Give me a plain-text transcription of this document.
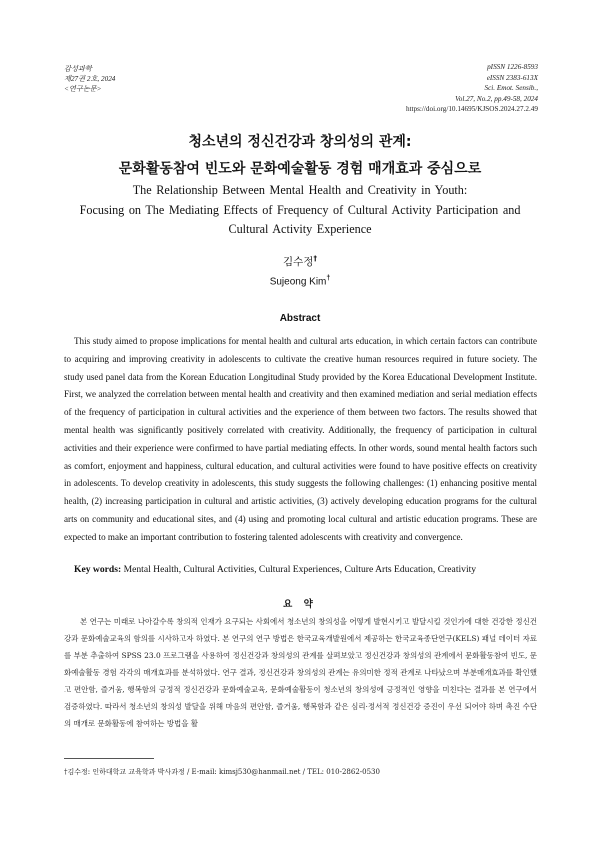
감성과학
제27권 2호, 2024
<연구논문>
pISSN 1226-8593
eISSN 2383-613X
Sci. Emot. Sensib.,
Vol.27, No.2, pp.49-58, 2024
https://doi.org/10.14695/KJSOS.2024.27.2.49
청소년의 정신건강과 창의성의 관계:
문화활동참여 빈도와 문화예술활동 경험 매개효과 중심으로
The Relationship Between Mental Health and Creativity in Youth:
Focusing on The Mediating Effects of Frequency of Cultural Activity Participation and
Cultural Activity Experience
김수정†
Sujeong Kim†
Abstract
This study aimed to propose implications for mental health and cultural arts education, in which certain factors can contribute to acquiring and improving creativity in adolescents to cultivate the creative human resources required in future society. The study used panel data from the Korean Education Longitudinal Study provided by the Korea Educational Development Institute. First, we analyzed the correlation between mental health and creativity and then examined mediation and serial mediation effects of the frequency of participation in cultural activities and the experience of them between two factors. The results showed that mental health was significantly positively correlated with creativity. Additionally, the frequency of participation in cultural activities and their experience were confirmed to have partial mediating effects. In other words, sound mental health factors such as comfort, enjoyment and happiness, cultural education, and cultural activities were found to have positive effects on creativity in adolescents. To develop creativity in adolescents, this study suggests the following challenges: (1) enhancing positive mental health, (2) increasing participation in cultural and artistic activities, (3) actively developing education programs for the cultural arts on community and educational sites, and (4) using and promoting local cultural and artistic education programs. These are expected to make an important contribution to fostering talented adolescents with creativity and convergence.
Key words: Mental Health, Cultural Activities, Cultural Experiences, Culture Arts Education, Creativity
요 약
본 연구는 미래로 나아갈수록 창의적 인재가 요구되는 사회에서 청소년의 창의성을 어떻게 발현시키고 발달시킬 것인가에 대한 건강한 정신건강과 문화예술교육의 함의를 시사하고자 하였다. 본 연구의 연구 방법은 한국교육개발원에서 제공하는 한국교육종단연구(KELS) 패널 데이터 자료를 부분 추출하여 SPSS 23.0 프로그램을 사용하여 정신건강과 창의성의 관계를 살펴보았고 정신건강과 창의성의 관계에서 문화활동참여 빈도, 문화예술활동 경험 각각의 매개효과를 분석하였다. 연구 결과, 정신건강과 창의성의 관계는 유의미한 정적 관계로 나타났으며 부분매개효과를 확인했고 편안함, 즐거움, 행복함의 긍정적 정신건강과 문화예술교육, 문화예술활동이 청소년의 창의성에 긍정적인 영향을 미친다는 결과를 본 연구에서 검증하였다. 따라서 청소년의 창의성 발달을 위해 마음의 편안함, 즐거움, 행복함과 같은 심리·정서적 정신건강 증진이 우선 되어야 하며 촉진 수단의 매개로 문화활동에 참여하는 방법을 활
†김수정: 인하대학교 교육학과 박사과정 / E-mail: kimsj530@hanmail.net / TEL: 010-2862-0530
